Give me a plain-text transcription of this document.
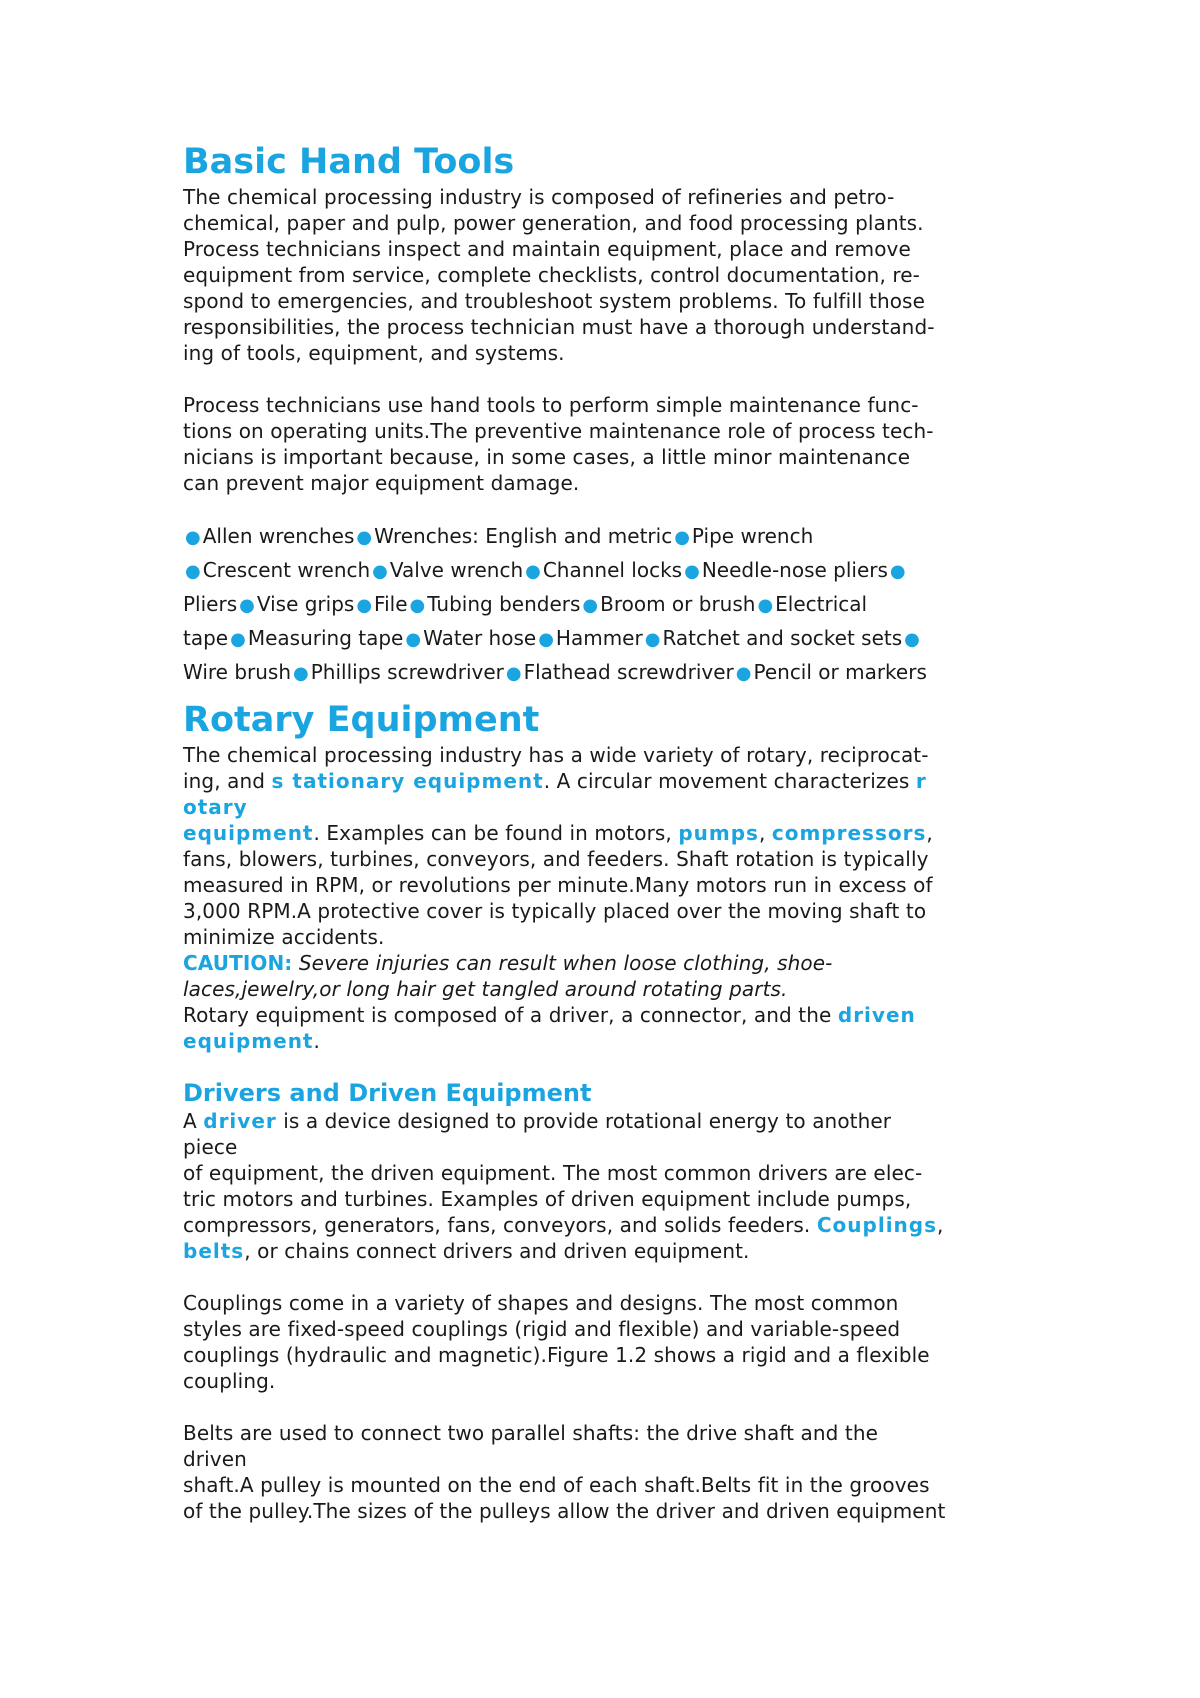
Basic Hand Tools
The chemical processing industry is composed of refineries and petro-
chemical, paper and pulp, power generation, and food processing plants.
Process technicians inspect and maintain equipment, place and remove
equipment from service, complete checklists, control documentation, re-
spond to emergencies, and troubleshoot system problems. To fulfill those
responsibilities, the process technician must have a thorough understand-
ing of tools, equipment, and systems.
Process technicians use hand tools to perform simple maintenance func-
tions on operating units.The preventive maintenance role of process tech-
nicians is important because, in some cases, a little minor maintenance
can prevent major equipment damage.
● Allen wrenches ● Wrenches: English and metric ● Pipe wrench
● Crescent wrench ● Valve wrench ● Channel locks ● Needle-nose pliers ●
Pliers ● Vise grips ● File ● Tubing benders ● Broom or brush ● Electrical
tape ● Measuring tape ● Water hose ● Hammer ● Ratchet and socket sets ●
Wire brush ● Phillips screwdriver ● Flathead screwdriver ● Pencil or markers
Rotary Equipment
The chemical processing industry has a wide variety of rotary, reciprocat-
ing, and s tationary equipment. A circular movement characterizes r
otary
equipment. Examples can be found in motors, pumps, compressors,
fans, blowers, turbines, conveyors, and feeders. Shaft rotation is typically
measured in RPM, or revolutions per minute.Many motors run in excess of
3,000 RPM.A protective cover is typically placed over the moving shaft to
minimize accidents.
CAUTION: Severe injuries can result when loose clothing, shoe-
laces,jewelry,or long hair get tangled around rotating parts.
Rotary equipment is composed of a driver, a connector, and the driven
equipment.
Drivers and Driven Equipment
A driver is a device designed to provide rotational energy to another
piece
of equipment, the driven equipment. The most common drivers are elec-
tric motors and turbines. Examples of driven equipment include pumps,
compressors, generators, fans, conveyors, and solids feeders. Couplings,
belts, or chains connect drivers and driven equipment.
Couplings come in a variety of shapes and designs. The most common
styles are fixed-speed couplings (rigid and flexible) and variable-speed
couplings (hydraulic and magnetic).Figure 1.2 shows a rigid and a flexible
coupling.
Belts are used to connect two parallel shafts: the drive shaft and the
driven
shaft.A pulley is mounted on the end of each shaft.Belts fit in the grooves
of the pulley.The sizes of the pulleys allow the driver and driven equipment
